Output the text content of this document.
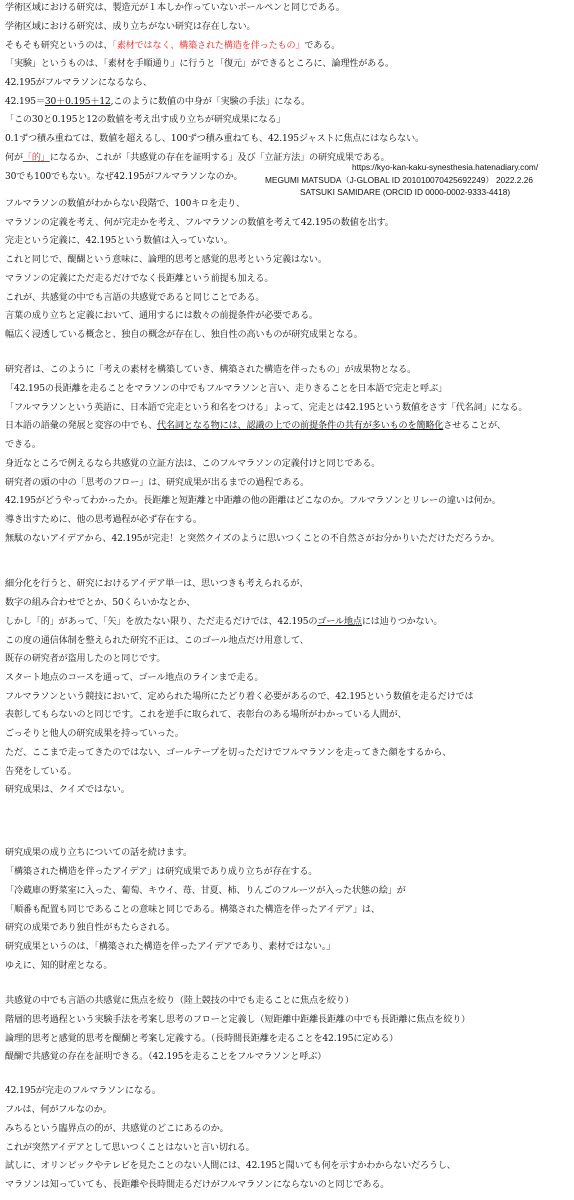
学術区域における研究は、製造元が１本しか作っていないボールペンと同じである。
学術区域における研究は、成り立ちがない研究は存在しない。
そもそも研究というのは、「素材ではなく、構築された構造を伴ったもの」である。
「実験」というものは、「素材を手順通り」に行うと「復元」ができるところに、論理性がある。
42.195がフルマラソンになるなら、
42.195＝30＋0.195＋12,このように数値の中身が「実験の手法」になる。
「この30と0.195と12の数値を考え出す成り立ちが研究成果になる」
0.1ずつ積み重ねては、数値を超えるし、100ずつ積み重ねても、42.195ジャストに焦点にはならない。
何が「的」になるか、これが「共感覚の存在を証明する」及び「立証方法」の研究成果である。
30でも100でもない。なぜ42.195がフルマラソンなのか。
フルマラソンの数値がわからない段階で、100キロを走り、
マラソンの定義を考え、何が完走かを考え、フルマラソンの数値を考えて42.195の数値を出す。
完走という定義に、42.195という数値は入っていない。
これと同じで、醍醐という意味に、論理的思考と感覚的思考という定義はない。
マラソンの定義にただ走るだけでなく長距離という前提も加える。
これが、共感覚の中でも言語の共感覚であると同じことである。
言葉の成り立ちと定義において、通用するには数々の前提条件が必要である。
幅広く浸透している概念と、独自の概念が存在し、独自性の高いものが研究成果となる。
研究者は、このように「考えの素材を構築していき、構築された構造を伴ったもの」が成果物となる。
「42.195の長距離を走ることをマラソンの中でもフルマラソンと言い、走りきることを日本語で完走と呼ぶ」
「フルマラソンという英語に、日本語で完走という和名をつける」よって、完走とは42.195という数値をさす「代名詞」になる。
日本語の語彙の発展と変容の中でも、代名詞となる物には、認識の上での前提条件の共有が多いものを簡略化させることが、
できる。
身近なところで例えるなら共感覚の立証方法は、このフルマラソンの定義付けと同じである。
研究者の頭の中の「思考のフロー」は、研究成果が出るまでの過程である。
42.195がどうやってわかったか。長距離と短距離と中距離の他の距離はどこなのか。フルマラソンとリレーの違いは何か。
導き出すために、他の思考過程が必ず存在する。
無駄のないアイデアから、42.195が完走！と突然クイズのように思いつくことの不自然さがお分かりいただけただろうか。
細分化を行うと、研究におけるアイデア単一は、思いつきも考えられるが、
数字の組み合わせでとか、50くらいかなとか、
しかし「的」があって、「矢」を放たない限り、ただ走るだけでは、42.195のゴール地点には辿りつかない。
この度の通信体制を整えられた研究不正は、このゴール地点だけ用意して、
既存の研究者が盗用したのと同じです。
スタート地点のコースを通って、ゴール地点のラインまで走る。
フルマラソンという競技において、定められた場所にたどり着く必要があるので、42.195という数値を走るだけでは
表彰してもらないのと同じです。これを逆手に取られて、表彰台のある場所がわかっている人間が、
ごっそりと他人の研究成果を持っていった。
ただ、ここまで走ってきたのではない、ゴールテープを切っただけでフルマラソンを走ってきた顔をするから、
告発をしている。
研究成果は、クイズではない。
研究成果の成り立ちについての話を続けます。
「構築された構造を伴ったアイデア」は研究成果であり成り立ちが存在する。
「冷蔵庫の野菜室に入った、葡萄、キウイ、苺、甘夏、柿、りんごのフルーツが入った状態の絵」が
「順番も配置も同じであることの意味と同じである。構築された構造を伴ったアイデア」は、
研究の成果であり独自性がもたらされる。
研究成果というのは、「構築された構造を伴ったアイデアであり、素材ではない。」
ゆえに、知的財産となる。
共感覚の中でも言語の共感覚に焦点を絞り（陸上競技の中でも走ることに焦点を絞り）
階層的思考過程という実験手法を考案し思考のフローと定義し（短距離中距離長距離の中でも長距離に焦点を絞り）
論理的思考と感覚的思考を醍醐と考案し定義する。（長時間長距離を走ることを42.195に定める）
醍醐で共感覚の存在を証明できる。（42.195を走ることをフルマラソンと呼ぶ）
42.195が完走のフルマラソンになる。
フルは、何がフルなのか。
みちるという臨界点の的が、共感覚のどこにあるのか。
これが突然アイデアとして思いつくことはないと言い切れる。
試しに、オリンピックやテレビを見たことのない人間には、42.195と聞いても何を示すかわからないだろうし、
マラソンは知っていても、長距離や長時間走るだけがフルマラソンにならないのと同じである。
https://kyo-kan-kaku-synesthesia.hatenadiary.com/
MEGUMI MATSUDA（J-GLOBAL ID 201010070425692249） 2022.2.26
SATSUKI SAMIDARE (ORCID ID 0000-0002-9333-4418)
